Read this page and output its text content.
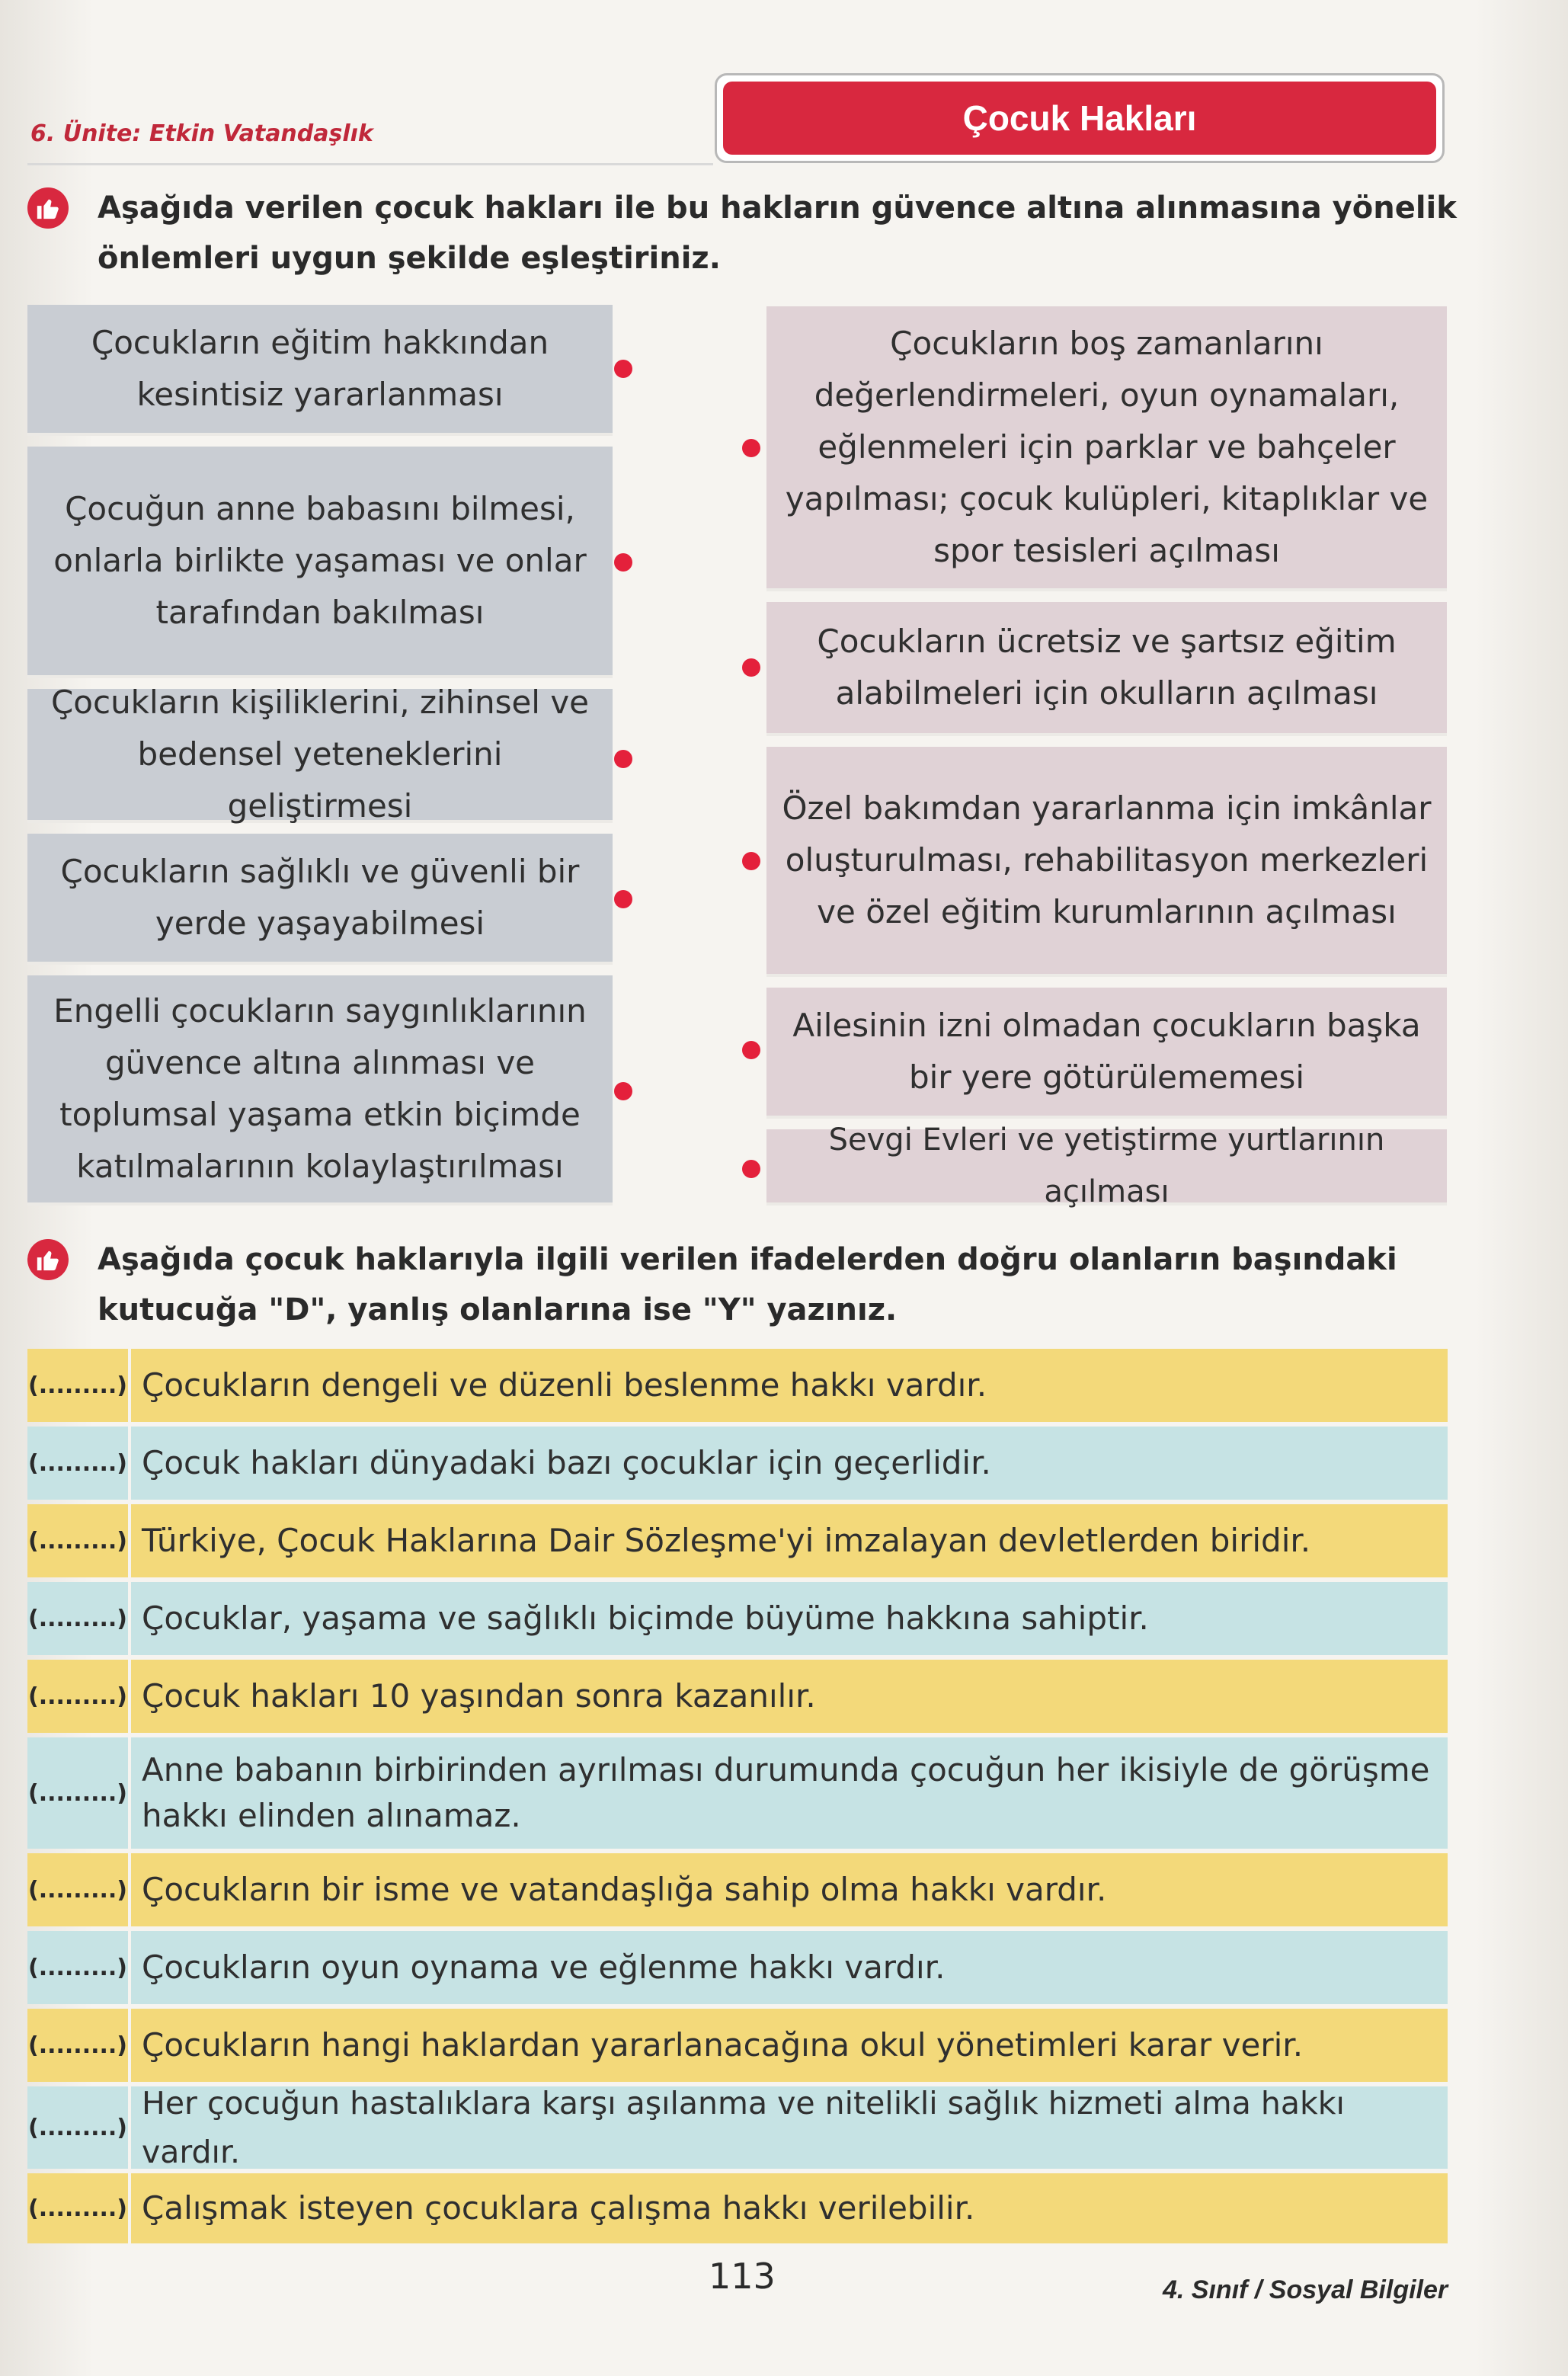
6. Ünite: Etkin Vatandaşlık	Çocuk Hakları
Aşağıda verilen çocuk hakları ile bu hakların güvence altına alınmasına yönelik önlemleri uygun şekilde eşleştiriniz.
Çocukların eğitim hakkından kesintisiz yararlanması
Çocuğun anne babasını bilmesi, onlarla birlikte yaşaması ve onlar tarafından bakılması
Çocukların kişiliklerini, zihinsel ve bedensel yeteneklerini geliştirmesi
Çocukların sağlıklı ve güvenli bir yerde yaşayabilmesi
Engelli çocukların saygınlıklarının güvence altına alınması ve toplumsal yaşama etkin biçimde katılmalarının kolaylaştırılması
Çocukların boş zamanlarını değerlendirmeleri, oyun oynamaları, eğlenmeleri için parklar ve bahçeler yapılması; çocuk kulüpleri, kitaplıklar ve spor tesisleri açılması
Çocukların ücretsiz ve şartsız eğitim alabilmeleri için okulların açılması
Özel bakımdan yararlanma için imkânlar oluşturulması, rehabilitasyon merkezleri ve özel eğitim kurumlarının açılması
Ailesinin izni olmadan çocukların başka bir yere götürülememesi
Sevgi Evleri ve yetiştirme yurtlarının açılması
Aşağıda çocuk haklarıyla ilgili verilen ifadelerden doğru olanların başındaki kutucuğa "D", yanlış olanlarına ise "Y" yazınız.
(.........) Çocukların dengeli ve düzenli beslenme hakkı vardır.
(.........) Çocuk hakları dünyadaki bazı çocuklar için geçerlidir.
(.........) Türkiye, Çocuk Haklarına Dair Sözleşme'yi imzalayan devletlerden biridir.
(.........) Çocuklar, yaşama ve sağlıklı biçimde büyüme hakkına sahiptir.
(.........) Çocuk hakları 10 yaşından sonra kazanılır.
(.........)
Anne babanın birbirinden ayrılması durumunda çocuğun her ikisiyle de görüşme hakkı elinden alınamaz.
(.........) Çocukların bir isme ve vatandaşlığa sahip olma hakkı vardır.
(.........) Çocukların oyun oynama ve eğlenme hakkı vardır.
(.........) Çocukların hangi haklardan yararlanacağına okul yönetimleri karar verir.
(.........)
Her çocuğun hastalıklara karşı aşılanma ve nitelikli sağlık hizmeti alma hakkı vardır.
(.........) Çalışmak isteyen çocuklara çalışma hakkı verilebilir.
113	4. Sınıf / Sosyal Bilgiler
